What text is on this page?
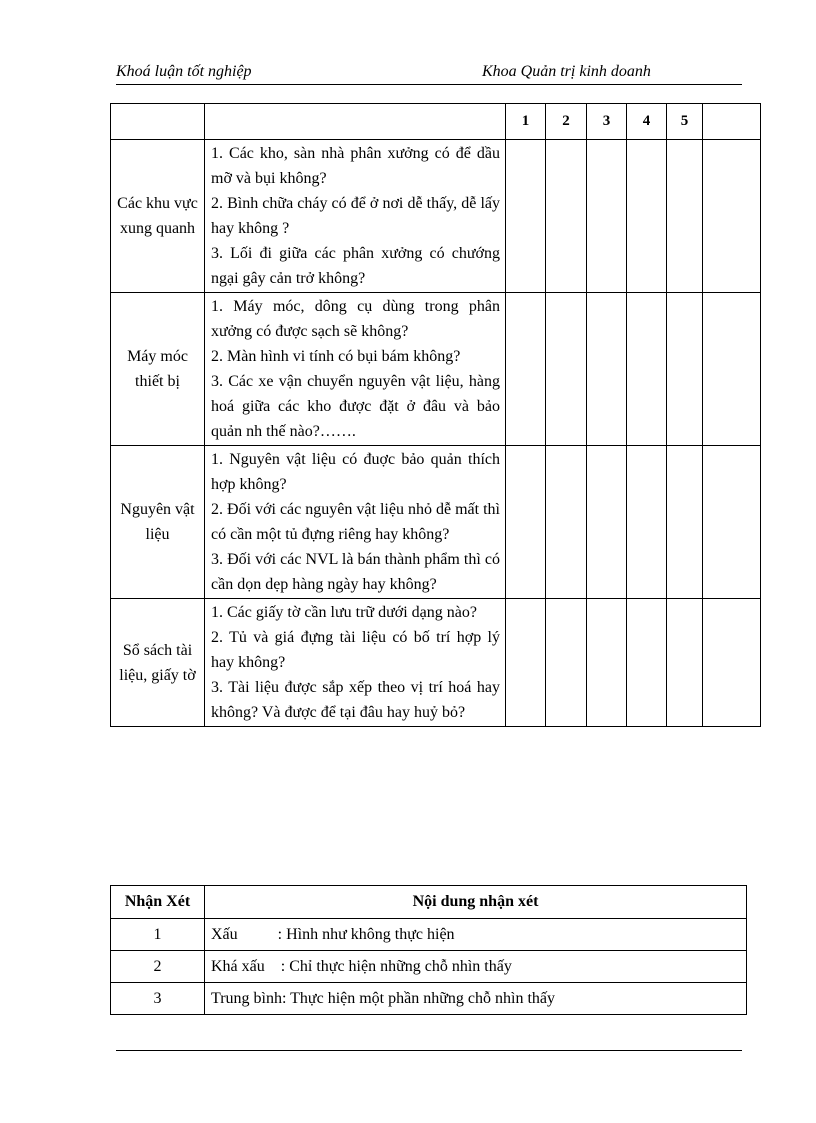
Khoá luận tốt nghiệp	Khoa Quản trị kinh doanh
		1	2	3	4	5	
Các khu vực xung quanh	1. Các kho, sàn nhà phân xưởng có để dầu mỡ và bụi không?
2. Bình chữa cháy có để ở nơi dễ thấy, dễ lấy hay không ?
3. Lối đi giữa các phân xưởng có chướng ngại gây cản trở không?						

Máy móc thiết bị	1. Máy móc, dông cụ dùng trong phân xưởng có được sạch sẽ không?
2. Màn hình vi tính có bụi bám không?
3. Các xe vận chuyển nguyên vật liệu, hàng hoá giữa các kho được đặt ở đâu và bảo quản nh thế nào?…….						

Nguyên vật liệu	1. Nguyên vật liệu có đuợc bảo quản thích hợp không?
2. Đối với các nguyên vật liệu nhỏ dễ mất thì có cần một tủ đựng riêng hay không?
3. Đối với các NVL là bán thành phẩm thì có cần dọn dẹp hàng ngày hay không?						

Sổ sách tài liệu, giấy tờ	1. Các giấy tờ cần lưu trữ dưới dạng nào?
2. Tủ và giá đựng tài liệu có bố trí hợp lý hay không?
3. Tài liệu được sắp xếp theo vị trí hoá hay không? Và được để tại đâu hay huỷ bỏ?						

Nhận Xét	Nội dung nhận xét
1	Xấu          : Hình như không thực hiện
2	Khá xấu    : Chỉ thực hiện những chỗ nhìn thấy
3	Trung bình: Thực hiện một phần những chỗ nhìn thấy
